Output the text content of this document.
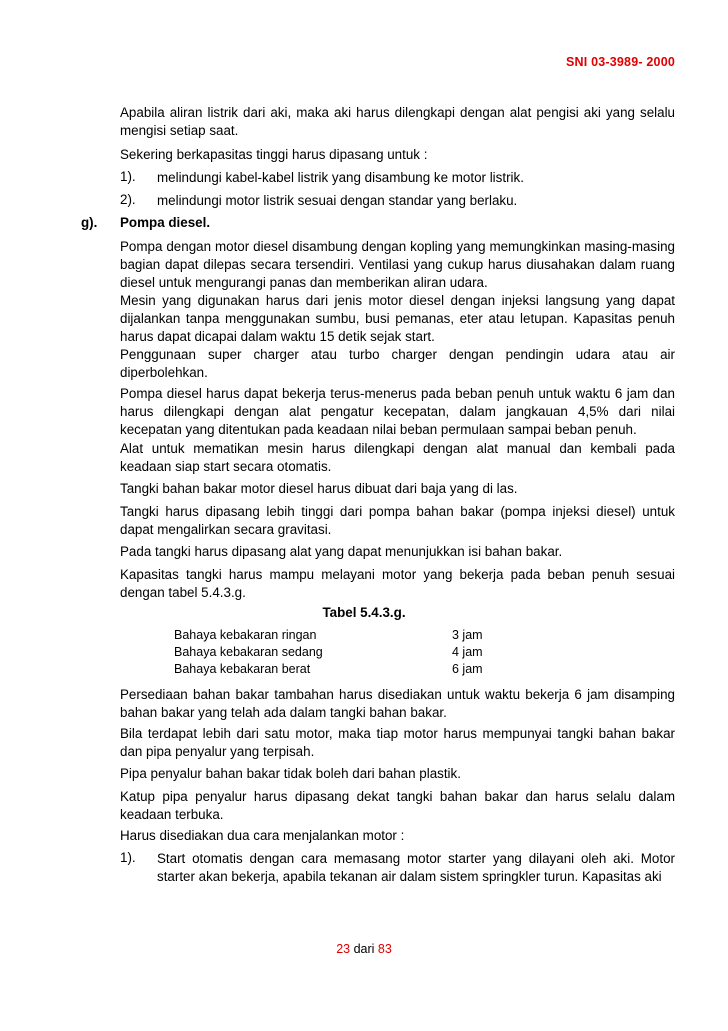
SNI 03-3989- 2000
Apabila aliran listrik dari aki, maka aki harus dilengkapi dengan alat pengisi aki yang selalu mengisi setiap saat.
Sekering berkapasitas tinggi harus dipasang untuk :
1). melindungi kabel-kabel listrik yang disambung ke motor listrik.
2). melindungi motor listrik sesuai dengan standar yang berlaku.
g). Pompa diesel.
Pompa dengan motor diesel disambung dengan kopling yang memungkinkan masing-masing bagian dapat dilepas secara tersendiri. Ventilasi yang cukup harus diusahakan dalam ruang diesel untuk mengurangi panas dan memberikan aliran udara.
Mesin yang digunakan harus dari jenis motor diesel dengan injeksi langsung yang dapat dijalankan tanpa menggunakan sumbu, busi pemanas, eter atau letupan. Kapasitas penuh harus dapat dicapai dalam waktu 15 detik sejak start.
Penggunaan super charger atau turbo charger dengan pendingin udara atau air diperbolehkan.
Pompa diesel harus dapat bekerja terus-menerus pada beban penuh untuk waktu 6 jam dan harus dilengkapi dengan alat pengatur kecepatan, dalam jangkauan 4,5% dari nilai kecepatan yang ditentukan pada keadaan nilai beban permulaan sampai beban penuh.
Alat untuk mematikan mesin harus dilengkapi dengan alat manual dan kembali pada keadaan siap start secara otomatis.
Tangki bahan bakar motor diesel harus dibuat dari baja yang di las.
Tangki harus dipasang lebih tinggi dari pompa bahan bakar (pompa injeksi diesel) untuk dapat mengalirkan secara gravitasi.
Pada tangki harus dipasang alat yang dapat menunjukkan isi bahan bakar.
Kapasitas tangki harus mampu melayani motor yang bekerja pada beban penuh sesuai dengan tabel 5.4.3.g.
Tabel 5.4.3.g.
Bahaya kebakaran ringan	3 jam
Bahaya kebakaran sedang	4 jam
Bahaya kebakaran berat	6 jam
Persediaan bahan bakar tambahan harus disediakan untuk waktu bekerja 6 jam disamping bahan bakar yang telah ada dalam tangki bahan bakar.
Bila terdapat lebih dari satu motor, maka tiap motor harus mempunyai tangki bahan bakar dan pipa penyalur yang terpisah.
Pipa penyalur bahan bakar tidak boleh dari bahan plastik.
Katup pipa penyalur harus dipasang dekat tangki bahan bakar dan harus selalu dalam keadaan terbuka.
Harus disediakan dua cara menjalankan motor :
1). Start otomatis dengan cara memasang motor starter yang dilayani oleh aki. Motor starter akan bekerja, apabila tekanan air dalam sistem springkler turun. Kapasitas aki
23 dari 83
